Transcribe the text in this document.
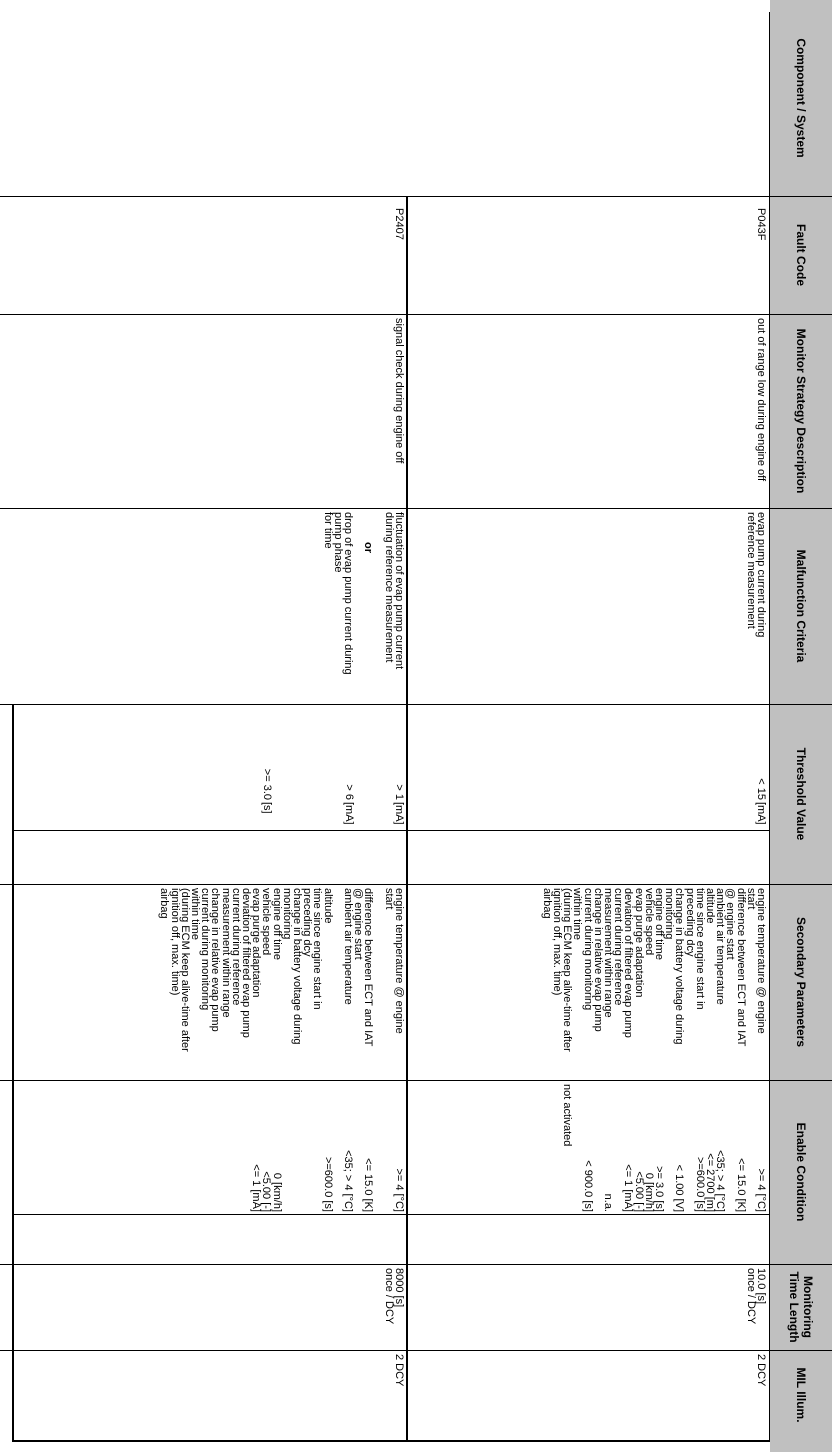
Component / System
Fault Code
Monitor Strategy Description
Malfunction Criteria
Threshold Value
Secondary Parameters
Enable Condition
Monitoring Time Length
MIL Illum.
P043F
out of range low during engine off
evap pump current during
reference measurement
< 15
[mA]
engine temperature @ engine
start
difference between ECT and IAT
@ engine start
ambient air temperature
altitude
time since engine start in
preceding dcy
change in battery voltage during
monitoring
engine off time
vehicle speed
evap purge adaptation
deviation of filtered evap pump
current during reference
measurement within range
change in relative evap pump
current during monitoring
within time
(during ECM keep alive-time after
ignition off, max. time)
airbag
>= 4 [°C]
<= 15.0 [K]
<35; > 4 [°C]
<= 2700 [m]
>=600.0 [s]
< 1.00 [V]
>= 3.0 [s]
0 [km/h]
<5.00 [-]
<= 1 [mA]
n.a.
< 900.0 [s]
not activated
10.0 [s]
once / DCY
2 DCY
P2407
signal check during engine off
fluctuation of evap pump current
during reference measurement
or
drop of evap pump current during
pump phase
for time
> 1
[mA]
> 6
[mA]
>= 3.0
[s]
engine temperature @ engine
start
difference between ECT and IAT
@ engine start
ambient air temperature
altitude
time since engine start in
preceding dcy
change in battery voltage during
monitoring
engine off time
vehicle speed
evap purge adaptation
deviation of filtered evap pump
current during reference
measurement within range
change in relative evap pump
current during monitoring
within time
(during ECM keep alive-time after
ignition off, max. time)
airbag
>= 4 [°C]
<= 15.0 [K]
<35; > 4 [°C]
>=600.0 [s]

0 [km/h]
<5.00 [-]
<= 1 [mA]

8000 [s]
once / DCY
2 DCY
